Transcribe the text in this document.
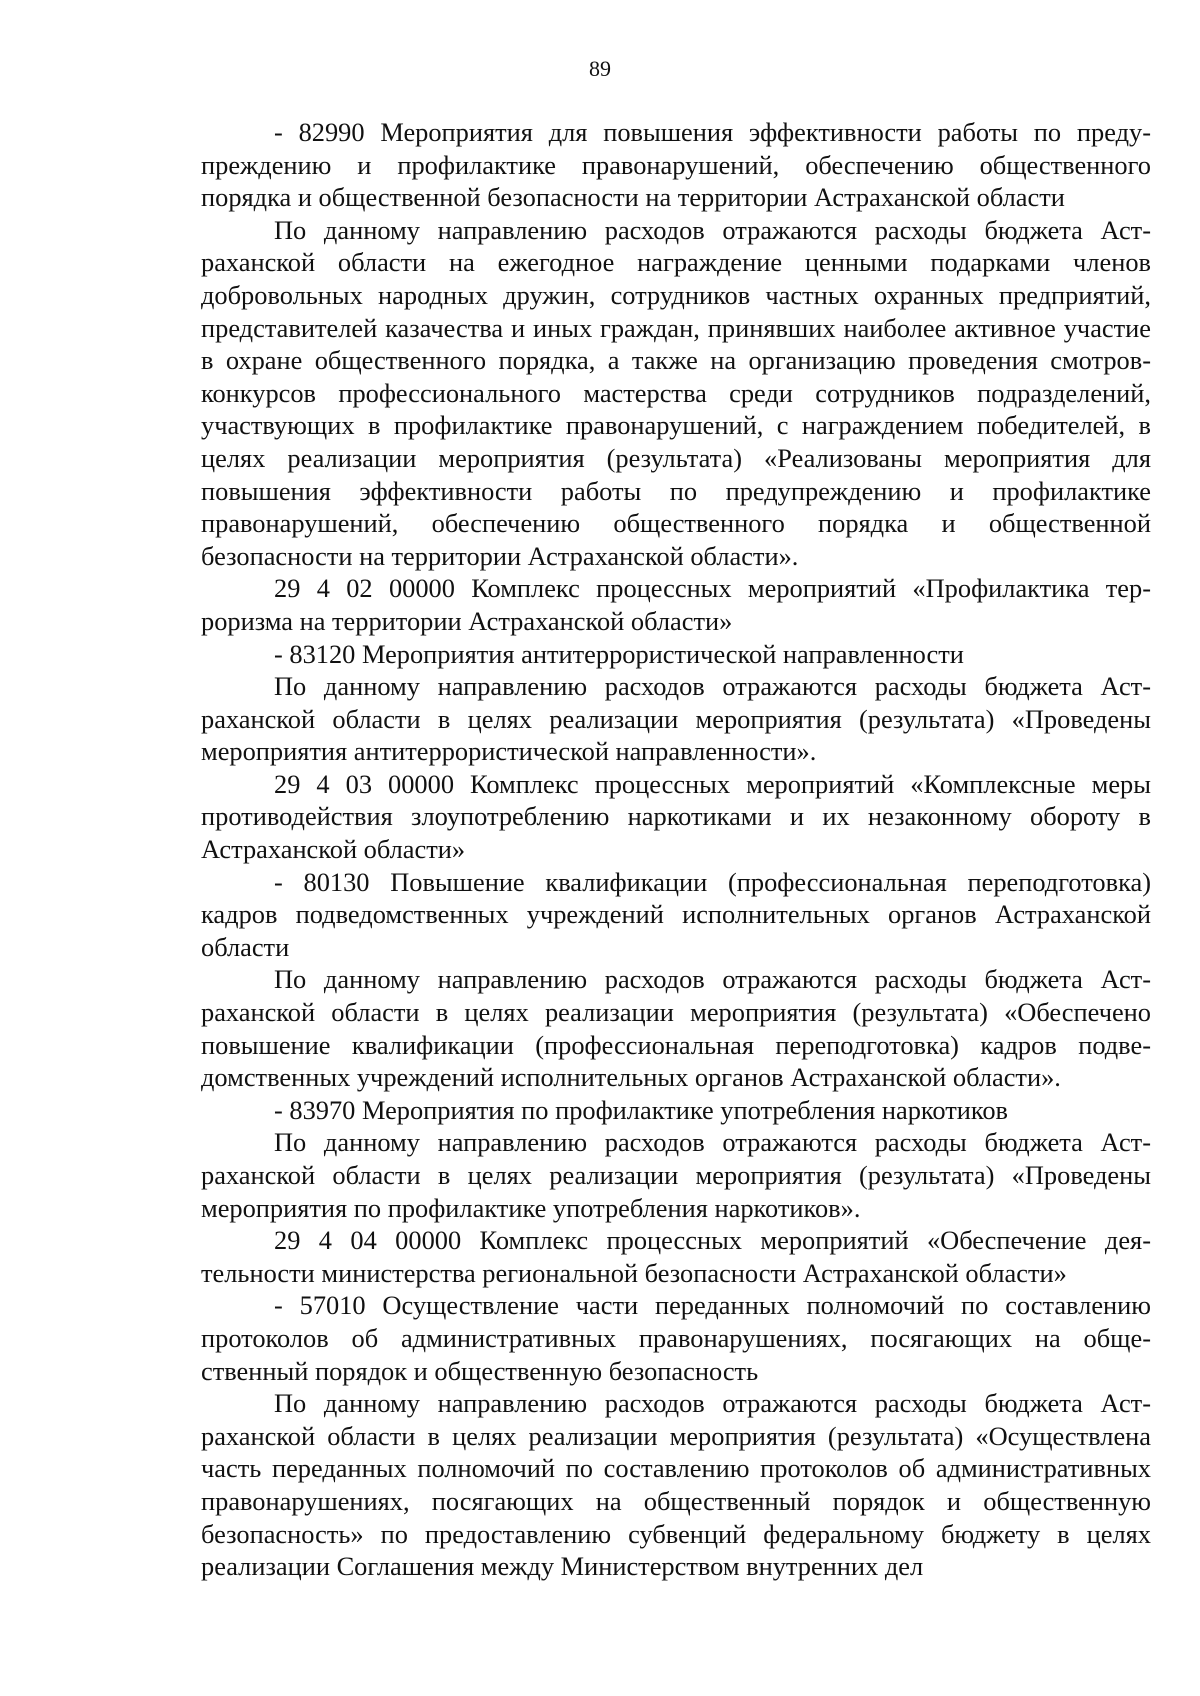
89

- 82990 Мероприятия для повышения эффективности работы по предупреждению и профилактике правонарушений, обеспечению общественного порядка и общественной безопасности на территории Астраханской области

По данному направлению расходов отражаются расходы бюджета Астраханской области на ежегодное награждение ценными подарками членов добровольных народных дружин, сотрудников частных охранных предприятий, представителей казачества и иных граждан, принявших наиболее активное участие в охране общественного порядка, а также на организацию проведения смотров-конкурсов профессионального мастерства среди сотрудников подразделений, участвующих в профилактике правонарушений, с награждением победителей, в целях реализации мероприятия (результата) «Реализованы мероприятия для повышения эффективности работы по предупреждению и профилактике правонарушений, обеспечению общественного порядка и общественной безопасности на территории Астраханской области».

29 4 02 00000 Комплекс процессных мероприятий «Профилактика терроризма на территории Астраханской области»

- 83120 Мероприятия антитеррористической направленности

По данному направлению расходов отражаются расходы бюджета Астраханской области в целях реализации мероприятия (результата) «Проведены мероприятия антитеррористической направленности».

29 4 03 00000 Комплекс процессных мероприятий «Комплексные меры противодействия злоупотреблению наркотиками и их незаконному обороту в Астраханской области»

- 80130 Повышение квалификации (профессиональная переподготовка) кадров подведомственных учреждений исполнительных органов Астраханской области

По данному направлению расходов отражаются расходы бюджета Астраханской области в целях реализации мероприятия (результата) «Обеспечено повышение квалификации (профессиональная переподготовка) кадров подведомственных учреждений исполнительных органов Астраханской области».

- 83970 Мероприятия по профилактике употребления наркотиков

По данному направлению расходов отражаются расходы бюджета Астраханской области в целях реализации мероприятия (результата) «Проведены мероприятия по профилактике употребления наркотиков».

29 4 04 00000 Комплекс процессных мероприятий «Обеспечение деятельности министерства региональной безопасности Астраханской области»

- 57010 Осуществление части переданных полномочий по составлению протоколов об административных правонарушениях, посягающих на общественный порядок и общественную безопасность

По данному направлению расходов отражаются расходы бюджета Астраханской области в целях реализации мероприятия (результата) «Осуществлена часть переданных полномочий по составлению протоколов об административных правонарушениях, посягающих на общественный порядок и общественную безопасность» по предоставлению субвенций федеральному бюджету в целях реализации Соглашения между Министерством внутренних дел
